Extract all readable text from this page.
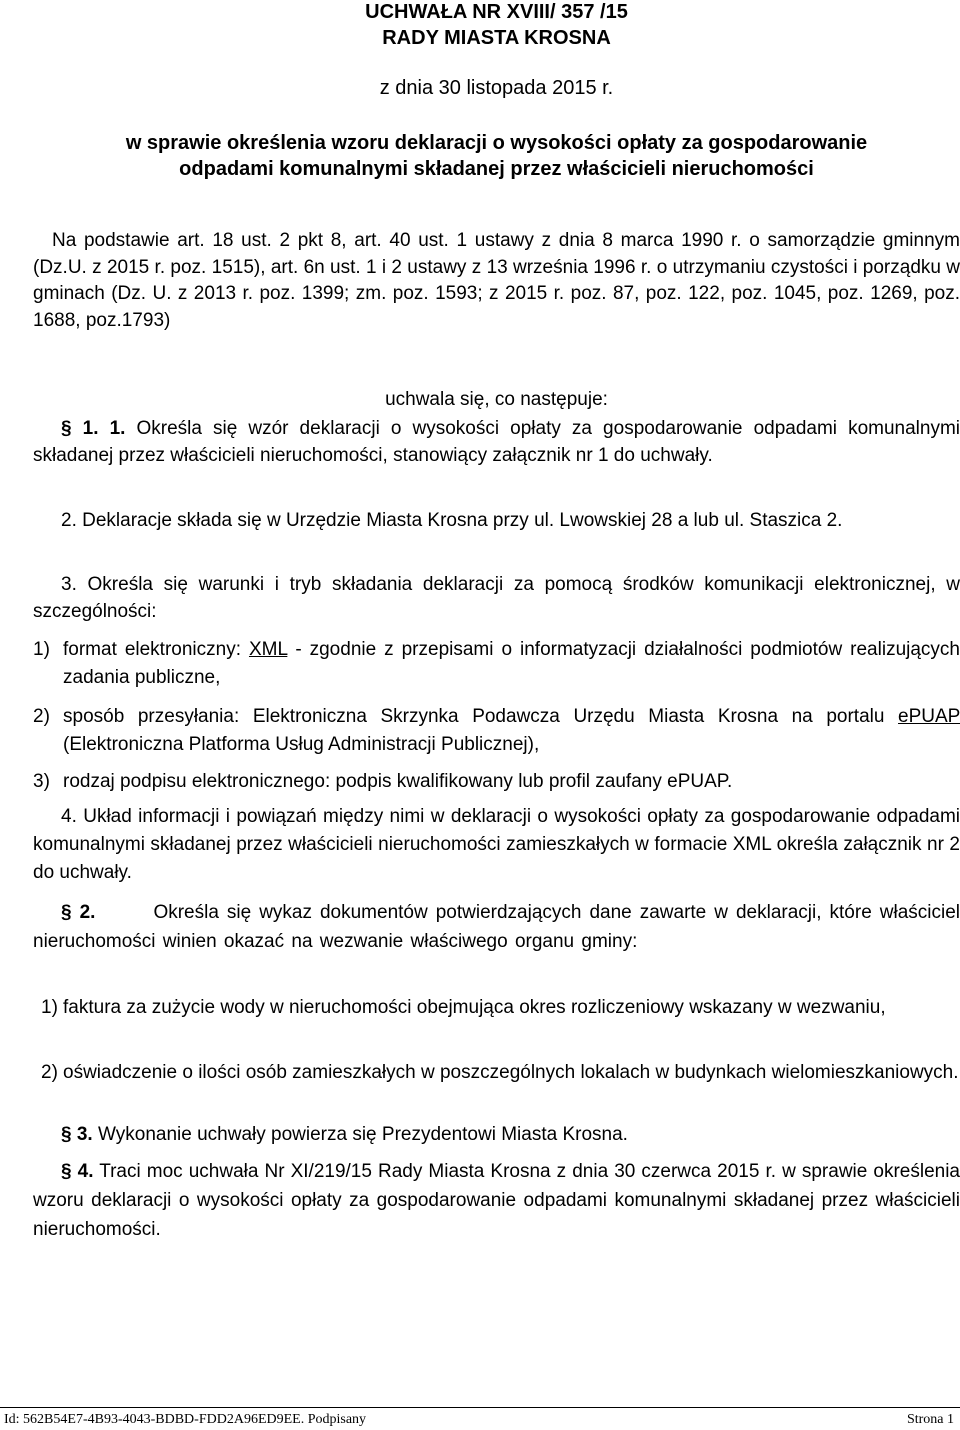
UCHWAŁA NR XVIII/ 357 /15
RADY MIASTA KROSNA
z dnia 30 listopada 2015 r.
w sprawie określenia wzoru deklaracji o wysokości opłaty za gospodarowanie
odpadami komunalnymi składanej przez właścicieli nieruchomości
Na podstawie art. 18 ust. 2 pkt 8, art. 40 ust. 1 ustawy z dnia 8 marca 1990 r. o samorządzie gminnym (Dz.U. z 2015 r. poz. 1515), art. 6n ust. 1 i 2 ustawy z 13 września 1996 r. o utrzymaniu czystości i porządku w gminach (Dz. U. z 2013 r. poz. 1399; zm. poz. 1593; z 2015 r. poz. 87, poz. 122, poz. 1045, poz. 1269, poz. 1688, poz.1793)
uchwala się, co następuje:
§ 1. 1. Określa się wzór deklaracji o wysokości opłaty za gospodarowanie odpadami komunalnymi składanej przez właścicieli nieruchomości, stanowiący załącznik nr 1 do uchwały.
2. Deklaracje składa się w Urzędzie Miasta Krosna przy ul. Lwowskiej 28 a lub ul. Staszica 2.
3. Określa się warunki i tryb składania deklaracji za pomocą środków komunikacji elektronicznej, w szczególności:
1) format elektroniczny: XML - zgodnie z przepisami o informatyzacji działalności podmiotów realizujących zadania publiczne,
2) sposób przesyłania: Elektroniczna Skrzynka Podawcza Urzędu Miasta Krosna na portalu ePUAP (Elektroniczna Platforma Usług Administracji Publicznej),
3) rodzaj podpisu elektronicznego: podpis kwalifikowany lub profil zaufany ePUAP.
4. Układ informacji i powiązań między nimi w deklaracji o wysokości opłaty za gospodarowanie odpadami komunalnymi składanej przez właścicieli nieruchomości zamieszkałych w formacie XML określa załącznik nr 2 do uchwały.
§ 2.	Określa się wykaz dokumentów potwierdzających dane zawarte w deklaracji, które właściciel nieruchomości winien okazać na wezwanie właściwego organu gminy:
1) faktura za zużycie wody w nieruchomości obejmująca okres rozliczeniowy wskazany w wezwaniu,
2) oświadczenie o ilości osób zamieszkałych w poszczególnych lokalach w budynkach wielomieszkaniowych.
§ 3. Wykonanie uchwały powierza się Prezydentowi Miasta Krosna.
§ 4. Traci moc uchwała Nr XI/219/15 Rady Miasta Krosna z dnia 30 czerwca 2015 r. w sprawie określenia wzoru deklaracji o wysokości opłaty za gospodarowanie odpadami komunalnymi składanej przez właścicieli nieruchomości.
Id: 562B54E7-4B93-4043-BDBD-FDD2A96ED9EE. Podpisany	Strona 1
